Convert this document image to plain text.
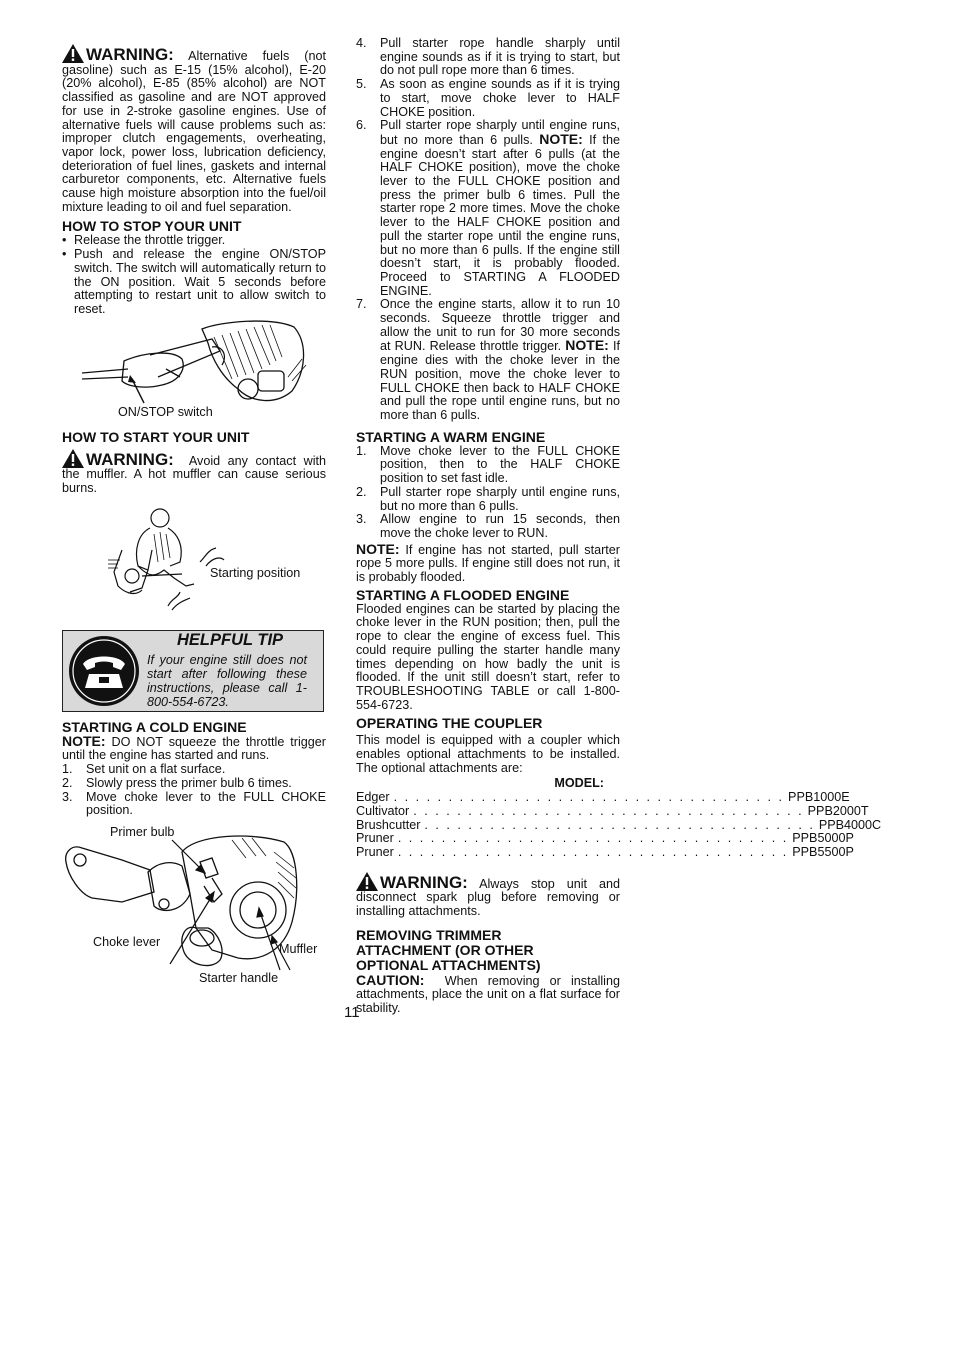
WARNING: Alternative fuels (not gasoline) such as E-15 (15% alcohol), E-20 (20% alcohol), E-85 (85% alcohol) are NOT classified as gasoline and are NOT approved for use in 2-stroke gasoline engines. Use of alternative fuels will cause problems such as: improper clutch engagements, overheating, vapor lock, power loss, lubrication deficiency, deterioration of fuel lines, gaskets and internal carburetor components, etc. Alternative fuels cause high moisture absorption into the fuel/oil mixture leading to oil and fuel separation.

HOW TO STOP YOUR UNIT
• Release the throttle trigger.
• Push and release the engine ON/STOP switch. The switch will automatically return to the ON position. Wait 5 seconds before attempting to restart unit to allow switch to reset.
ON/STOP switch
HOW TO START YOUR UNIT

WARNING: Avoid any contact with the muffler. A hot muffler can cause serious burns.

Starting position
HELPFUL TIP
If your engine still does not start after following these instructions, please call 1-800-554-6723.
STARTING A COLD ENGINE

NOTE: DO NOT squeeze the throttle trigger until the engine has started and runs.

1. Set unit on a flat surface.
2. Slowly press the primer bulb 6 times.
3. Move choke lever to the FULL CHOKE position.
Primer bulb
Choke lever	Muffler
Starter handle
4. Pull starter rope handle sharply until engine sounds as if it is trying to start, but do not pull rope more than 6 times.
5. As soon as engine sounds as if it is trying to start, move choke lever to HALF CHOKE position.
6. Pull starter rope sharply until engine runs, but no more than 6 pulls. NOTE: If the engine doesn’t start after 6 pulls (at the HALF CHOKE position), move the choke lever to the FULL CHOKE position and press the primer bulb 6 times. Pull the starter rope 2 more times. Move the choke lever to the HALF CHOKE position and pull the starter rope until the engine runs, but no more than 6 pulls. If the engine still doesn’t start, it is probably flooded. Proceed to STARTING A FLOODED ENGINE.
7. Once the engine starts, allow it to run 10 seconds. Squeeze throttle trigger and allow the unit to run for 30 more seconds at RUN. Release throttle trigger. NOTE: If engine dies with the choke lever in the RUN position, move the choke lever to FULL CHOKE then back to HALF CHOKE and pull the rope until engine runs, but no more than 6 pulls.
STARTING A WARM ENGINE
1. Move choke lever to the FULL CHOKE position, then to the HALF CHOKE position to set fast idle.
2. Pull starter rope sharply until engine runs, but no more than 6 pulls.
3. Allow engine to run 15 seconds, then move the choke lever to RUN.

NOTE: If engine has not started, pull starter rope 5 more pulls. If engine still does not run, it is probably flooded.

STARTING A FLOODED ENGINE

Flooded engines can be started by placing the choke lever in the RUN position; then, pull the rope to clear the engine of excess fuel. This could require pulling the starter handle many times depending on how badly the unit is flooded. If the unit still doesn’t start, refer to TROUBLESHOOTING TABLE or call 1-800-554-6723.

OPERATING THE COUPLER

This model is equipped with a coupler which enables optional attachments to be installed. The optional attachments are:

MODEL:
Edger . . . . . . . . . . . . . . . . . . . . . . . . . . . . . . . . . . . . PPB1000E
Cultivator . . . . . . . . . . . . . . . . . . . . . . . . . . . . . . . . . . . . PPB2000T
Brushcutter . . . . . . . . . . . . . . . . . . . . . . . . . . . . . . . . . . . . PPB4000C
Pruner . . . . . . . . . . . . . . . . . . . . . . . . . . . . . . . . . . . . PPB5000P
Pruner . . . . . . . . . . . . . . . . . . . . . . . . . . . . . . . . . . . . PPB5500P

WARNING: Always stop unit and disconnect spark plug before removing or installing attachments.

REMOVING TRIMMER ATTACHMENT (OR OTHER OPTIONAL ATTACHMENTS)

CAUTION: When removing or installing attachments, place the unit on a flat surface for stability.

11
